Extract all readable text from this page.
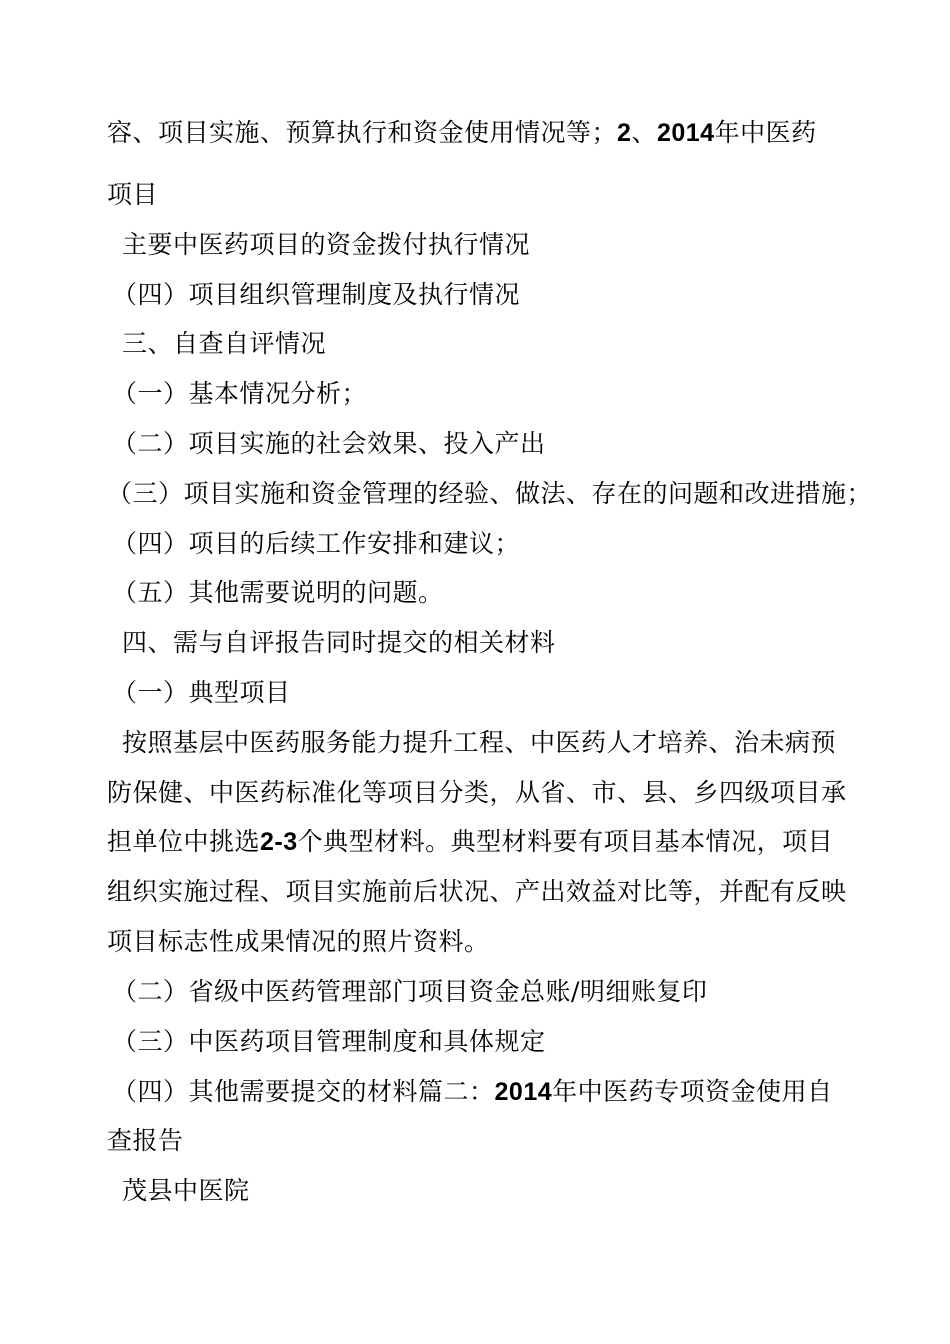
容、项目实施、预算执行和资金使用情况等；2、2014年中医药
项目
主要中医药项目的资金拨付执行情况
（四）项目组织管理制度及执行情况
三、自查自评情况
（一）基本情况分析；
（二）项目实施的社会效果、投入产出
（三）项目实施和资金管理的经验、做法、存在的问题和改进措施；
（四）项目的后续工作安排和建议；
（五）其他需要说明的问题。
四、需与自评报告同时提交的相关材料
（一）典型项目
按照基层中医药服务能力提升工程、中医药人才培养、治未病预
防保健、中医药标准化等项目分类，从省、市、县、乡四级项目承
担单位中挑选2-3个典型材料。典型材料要有项目基本情况，项目
组织实施过程、项目实施前后状况、产出效益对比等，并配有反映
项目标志性成果情况的照片资料。
（二）省级中医药管理部门项目资金总账/明细账复印
（三）中医药项目管理制度和具体规定
（四）其他需要提交的材料篇二：2014年中医药专项资金使用自
查报告
茂县中医院
